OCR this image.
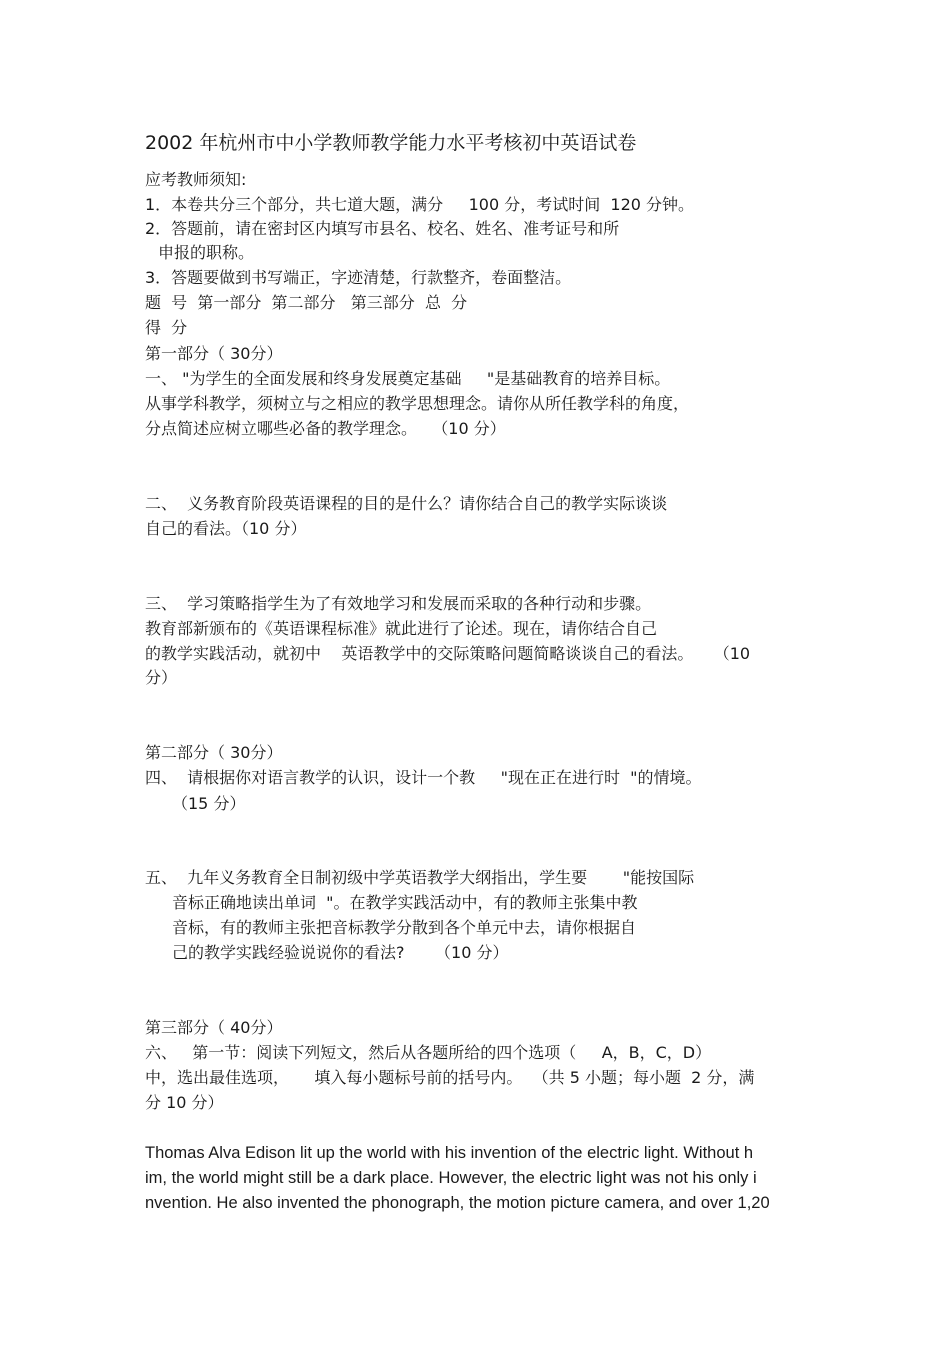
2002 年杭州市中小学教师教学能力水平考核初中英语试卷
应考教师须知:
1．本卷共分三个部分，共七道大题，满分     100 分，考试时间  120 分钟。
2．答题前，请在密封区内填写市县名、校名、姓名、准考证号和所
申报的职称。
3．答题要做到书写端正，字迹清楚，行款整齐，卷面整洁。
题  号  第一部分  第二部分   第三部分  总  分
得  分
第一部分（ 30分）
一、 "为学生的全面发展和终身发展奠定基础     "是基础教育的培养目标。
从事学科教学，须树立与之相应的教学思想理念。请你从所任教学科的角度，
分点简述应树立哪些必备的教学理念。   （10 分）
二、  义务教育阶段英语课程的目的是什么？请你结合自己的教学实际谈谈
自己的看法。（10 分）
三、  学习策略指学生为了有效地学习和发展而采取的各种行动和步骤。
教育部新颁布的《英语课程标准》就此进行了论述。现在，请你结合自己
的教学实践活动，就初中    英语教学中的交际策略问题简略谈谈自己的看法。    （10
分）
第二部分（ 30分）
四、  请根据你对语言教学的认识，设计一个教     "现在正在进行时  "的情境。
（15 分）
五、  九年义务教育全日制初级中学英语教学大纲指出，学生要       "能按国际
音标正确地读出单词  "。在教学实践活动中，有的教师主张集中教
音标，有的教师主张把音标教学分散到各个单元中去，请你根据自
己的教学实践经验说说你的看法?      （10 分）
第三部分（ 40分）
六、   第一节：阅读下列短文，然后从各题所给的四个选项（     A，B，C，D）
中，选出最佳选项，     填入每小题标号前的括号内。  （共 5 小题；每小题  2 分，满
分 10 分）
Thomas Alva Edison lit up the world with his invention of the electric light. Without h
im, the world might still be a dark place. However, the electric light was not his only i
nvention. He also invented the phonograph, the motion picture camera, and over 1,20
